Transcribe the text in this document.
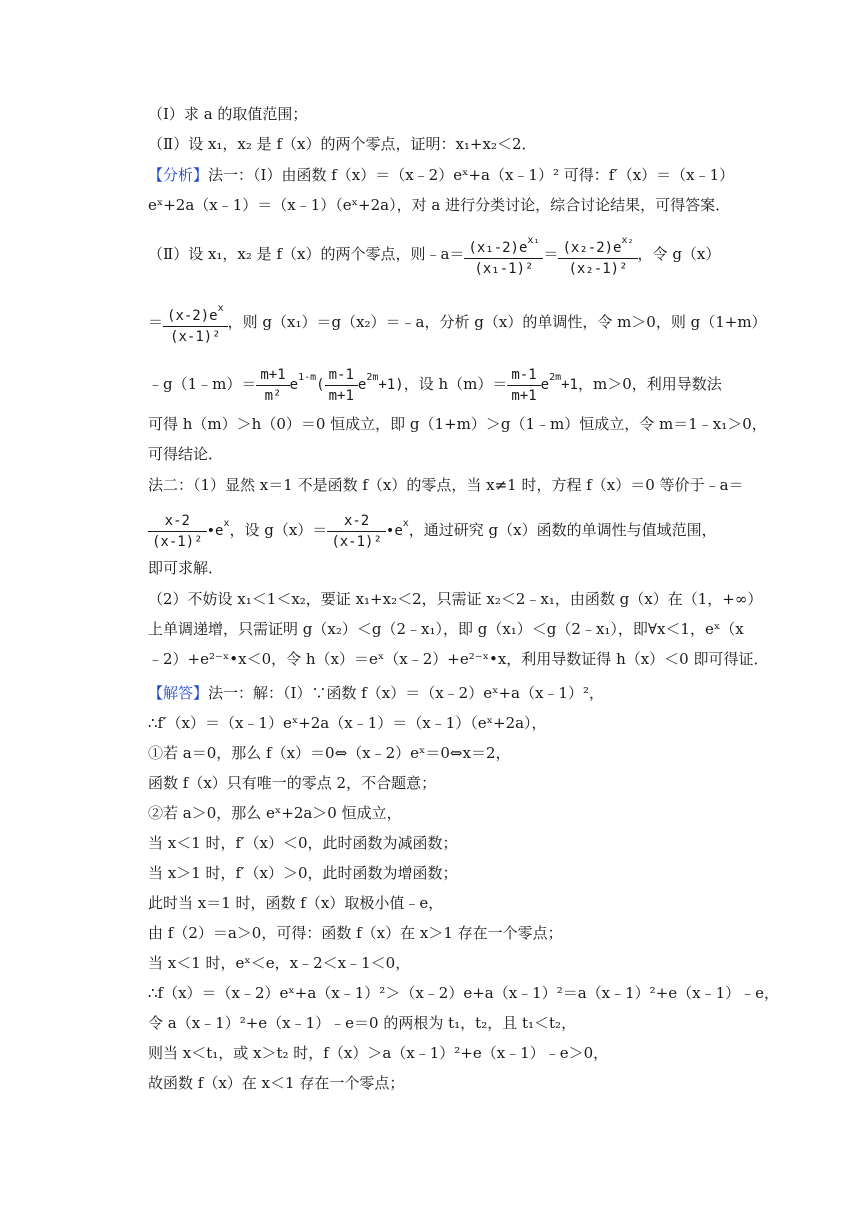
（Ⅰ）求 a 的取值范围；
（Ⅱ）设 x₁，x₂ 是 f（x）的两个零点，证明：x₁+x₂＜2．
【分析】法一：（Ⅰ）由函数 f（x）＝（x﹣2）eˣ+a（x﹣1）² 可得：f′（x）＝（x﹣1）
eˣ+2a（x﹣1）＝（x﹣1）（eˣ+2a），对 a 进行分类讨论，综合讨论结果，可得答案．
（Ⅱ）设 x₁，x₂ 是 f（x）的两个零点，则﹣a＝ $\frac{(x_1-2)e^{x_1}}{\text{(x₁-1)²}} = \frac{(x_2-2)e^{x_2}}{\text{(x₂-1)²}}$ ，令 g（x）
＝ $\frac{(x-2)e^x}{\text{(x-1)²}}$ ，则 g（x₁）＝g（x₂）＝﹣a，分析 g（x）的单调性，令 m＞0，则 g（1+m）
﹣g（1﹣m）＝ $\frac{m+1}{\text{m²}} e^{1-m}( \frac{m-1}{m+1} e^{2m}+1)$，设 $h(m)= \frac{m-1}{m+1} e^{2m}+1$，m＞0，利用导数法
可得 h（m）＞h（0）＝0 恒成立，即 g（1+m）＞g（1﹣m）恒成立，令 m＝1﹣x₁＞0，
可得结论．
法二：（1）显然 x＝1 不是函数 f（x）的零点，当 x≠1 时，方程 f（x）＝0 等价于﹣a＝
$\frac{x-2}{\text{(x-1)²}}$ $•e^x$，设 $g(x)= \frac{x-2}{\text{(x-1)²}}$ $•e^x$，通过研究 g（x）函数的单调性与值域范围，
即可求解．
（2）不妨设 x₁＜1＜x₂，要证 x₁+x₂＜2，只需证 x₂＜2﹣x₁，由函数 g（x）在（1，+∞）
上单调递增，只需证明 g（x₂）＜g（2﹣x₁），即 g（x₁）＜g（2﹣x₁），即∀x＜1，eˣ（x
﹣2）+e²⁻ˣ•x＜0，令 h（x）＝eˣ（x﹣2）+e²⁻ˣ•x，利用导数证得 h（x）＜0 即可得证．
【解答】法一：解：（Ⅰ）∵函数 f（x）＝（x﹣2）eˣ+a（x﹣1）²，
∴f′（x）＝（x﹣1）eˣ+2a（x﹣1）＝（x﹣1）（eˣ+2a），
①若 a＝0，那么 f（x）＝0⇔（x﹣2）eˣ＝0⇔x＝2，
函数 f（x）只有唯一的零点 2，不合题意；
②若 a＞0，那么 eˣ+2a＞0 恒成立，
当 x＜1 时，f′（x）＜0，此时函数为减函数；
当 x＞1 时，f′（x）＞0，此时函数为增函数；
此时当 x＝1 时，函数 f（x）取极小值﹣e，
由 f（2）＝a＞0，可得：函数 f（x）在 x＞1 存在一个零点；
当 x＜1 时，eˣ＜e，x﹣2＜x﹣1＜0，
∴f（x）＝（x﹣2）eˣ+a（x﹣1）²＞（x﹣2）e+a（x﹣1）²＝a（x﹣1）²+e（x﹣1）﹣e，
令 a（x﹣1）²+e（x﹣1）﹣e＝0 的两根为 t₁，t₂，且 t₁＜t₂，
则当 x＜t₁，或 x＞t₂ 时，f（x）＞a（x﹣1）²+e（x﹣1）﹣e＞0，
故函数 f（x）在 x＜1 存在一个零点；
